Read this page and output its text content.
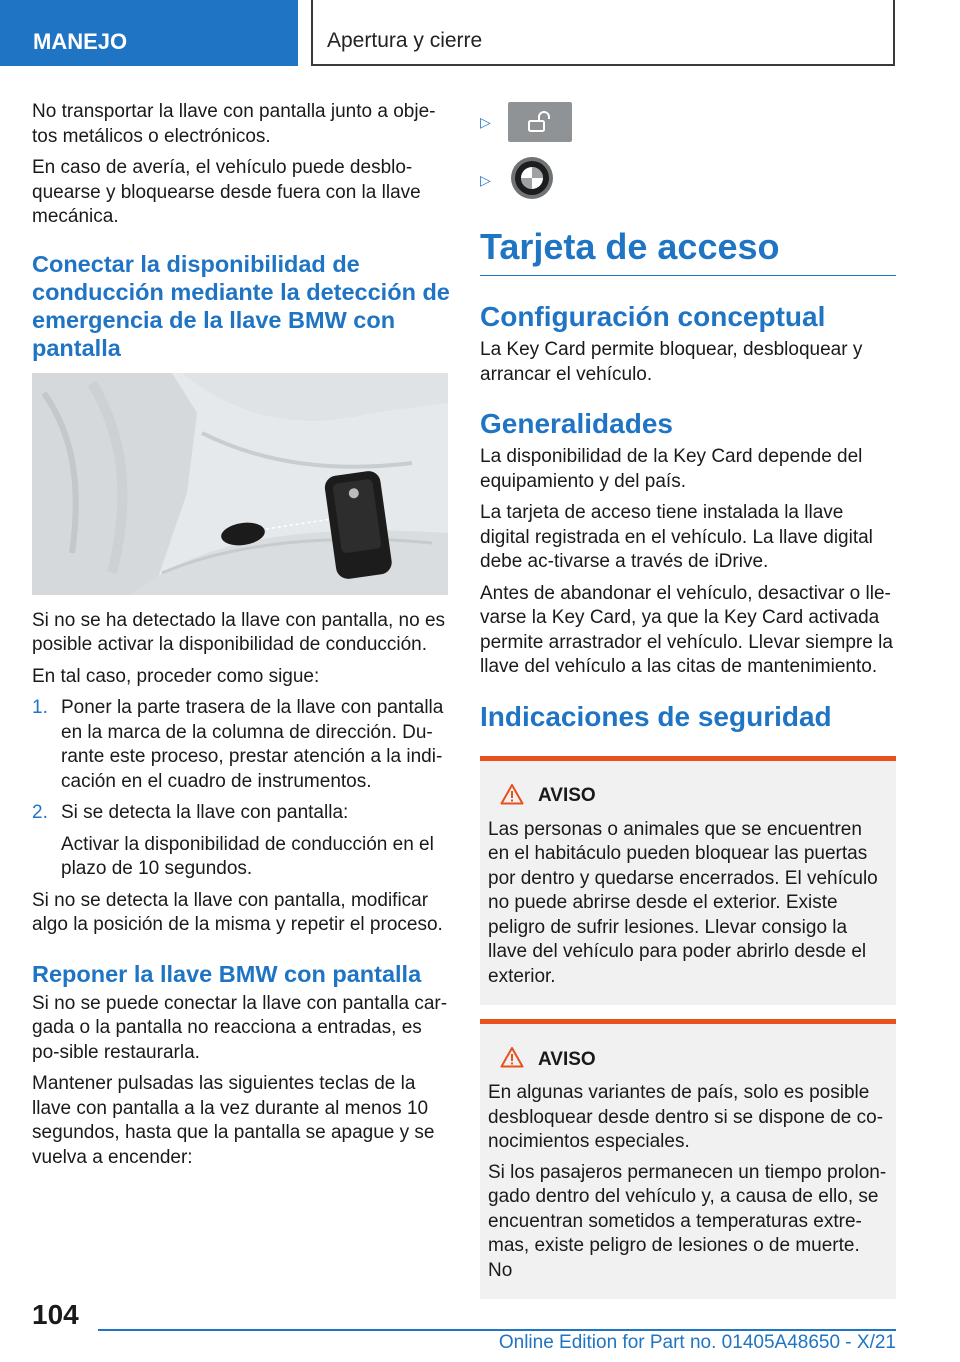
MANEJO	Apertura y cierre

No transportar la llave con pantalla junto a obje‐tos metálicos o electrónicos.

En caso de avería, el vehículo puede desblo‐quearse y bloquearse desde fuera con la llave mecánica.

Conectar la disponibilidad de conducción mediante la detección de emergencia de la llave BMW con pantalla

Si no se ha detectado la llave con pantalla, no es posible activar la disponibilidad de conducción.

En tal caso, proceder como sigue:

1. Poner la parte trasera de la llave con pantalla en la marca de la columna de dirección. Du‐rante este proceso, prestar atención a la indi‐cación en el cuadro de instrumentos.
2. Si se detecta la llave con pantalla:

Activar la disponibilidad de conducción en el plazo de 10 segundos.

Si no se detecta la llave con pantalla, modificar algo la posición de la misma y repetir el proceso.

Reponer la llave BMW con pantalla

Si no se puede conectar la llave con pantalla car‐gada o la pantalla no reacciona a entradas, es po‐sible restaurarla.

Mantener pulsadas las siguientes teclas de la llave con pantalla a la vez durante al menos 10 segundos, hasta que la pantalla se apague y se vuelva a encender:

▷
▷
Tarjeta de acceso
Configuración conceptual

La Key Card permite bloquear, desbloquear y arrancar el vehículo.

Generalidades

La disponibilidad de la Key Card depende del equipamiento y del país.

La tarjeta de acceso tiene instalada la llave digital registrada en el vehículo. La llave digital debe ac‐tivarse a través de iDrive.

Antes de abandonar el vehículo, desactivar o lle‐varse la Key Card, ya que la Key Card activada permite arrastrador el vehículo. Llevar siempre la llave del vehículo a las citas de mantenimiento.

Indicaciones de seguridad
AVISO

Las personas o animales que se encuentren en el habitáculo pueden bloquear las puertas por dentro y quedarse encerrados. El vehículo no puede abrirse desde el exterior. Existe peligro de sufrir lesiones. Llevar consigo la llave del vehículo para poder abrirlo desde el exterior.

AVISO

En algunas variantes de país, solo es posible desbloquear desde dentro si se dispone de co‐nocimientos especiales.

Si los pasajeros permanecen un tiempo prolon‐gado dentro del vehículo y, a causa de ello, se encuentran sometidos a temperaturas extre‐mas, existe peligro de lesiones o de muerte. No

104
Online Edition for Part no. 01405A48650 - X/21
